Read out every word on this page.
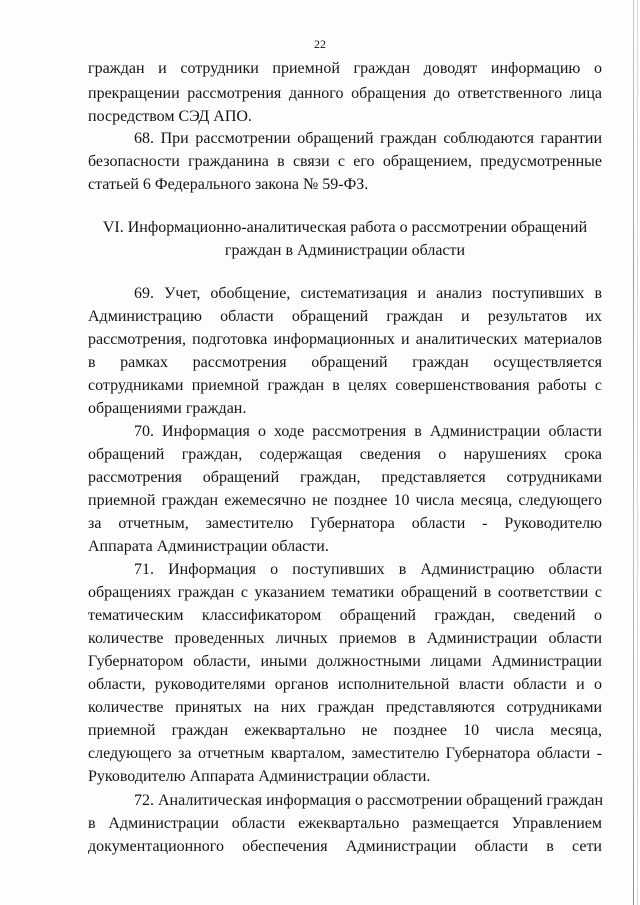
22
граждан и сотрудники приемной граждан доводят информацию о
прекращении рассмотрения данного обращения до ответственного лица
посредством СЭД АПО.
68. При рассмотрении обращений граждан соблюдаются гарантии
безопасности гражданина в связи с его обращением, предусмотренные
статьей 6 Федерального закона № 59-ФЗ.
VI. Информационно-аналитическая работа о рассмотрении обращений
граждан в Администрации области
69. Учет, обобщение, систематизация и анализ поступивших в
Администрацию области обращений граждан и результатов их
рассмотрения, подготовка информационных и аналитических материалов
в рамках рассмотрения обращений граждан осуществляется
сотрудниками приемной граждан в целях совершенствования работы с
обращениями граждан.
70. Информация о ходе рассмотрения в Администрации области
обращений граждан, содержащая сведения о нарушениях срока
рассмотрения обращений граждан, представляется сотрудниками
приемной граждан ежемесячно не позднее 10 числа месяца, следующего
за отчетным, заместителю Губернатора области - Руководителю
Аппарата Администрации области.
71. Информация о поступивших в Администрацию области
обращениях граждан с указанием тематики обращений в соответствии с
тематическим классификатором обращений граждан, сведений о
количестве проведенных личных приемов в Администрации области
Губернатором области, иными должностными лицами Администрации
области, руководителями органов исполнительной власти области и о
количестве принятых на них граждан представляются сотрудниками
приемной граждан ежеквартально не позднее 10 числа месяца,
следующего за отчетным кварталом, заместителю Губернатора области -
Руководителю Аппарата Администрации области.
72. Аналитическая информация о рассмотрении обращений граждан
в Администрации области ежеквартально размещается Управлением
документационного обеспечения Администрации области в сети
